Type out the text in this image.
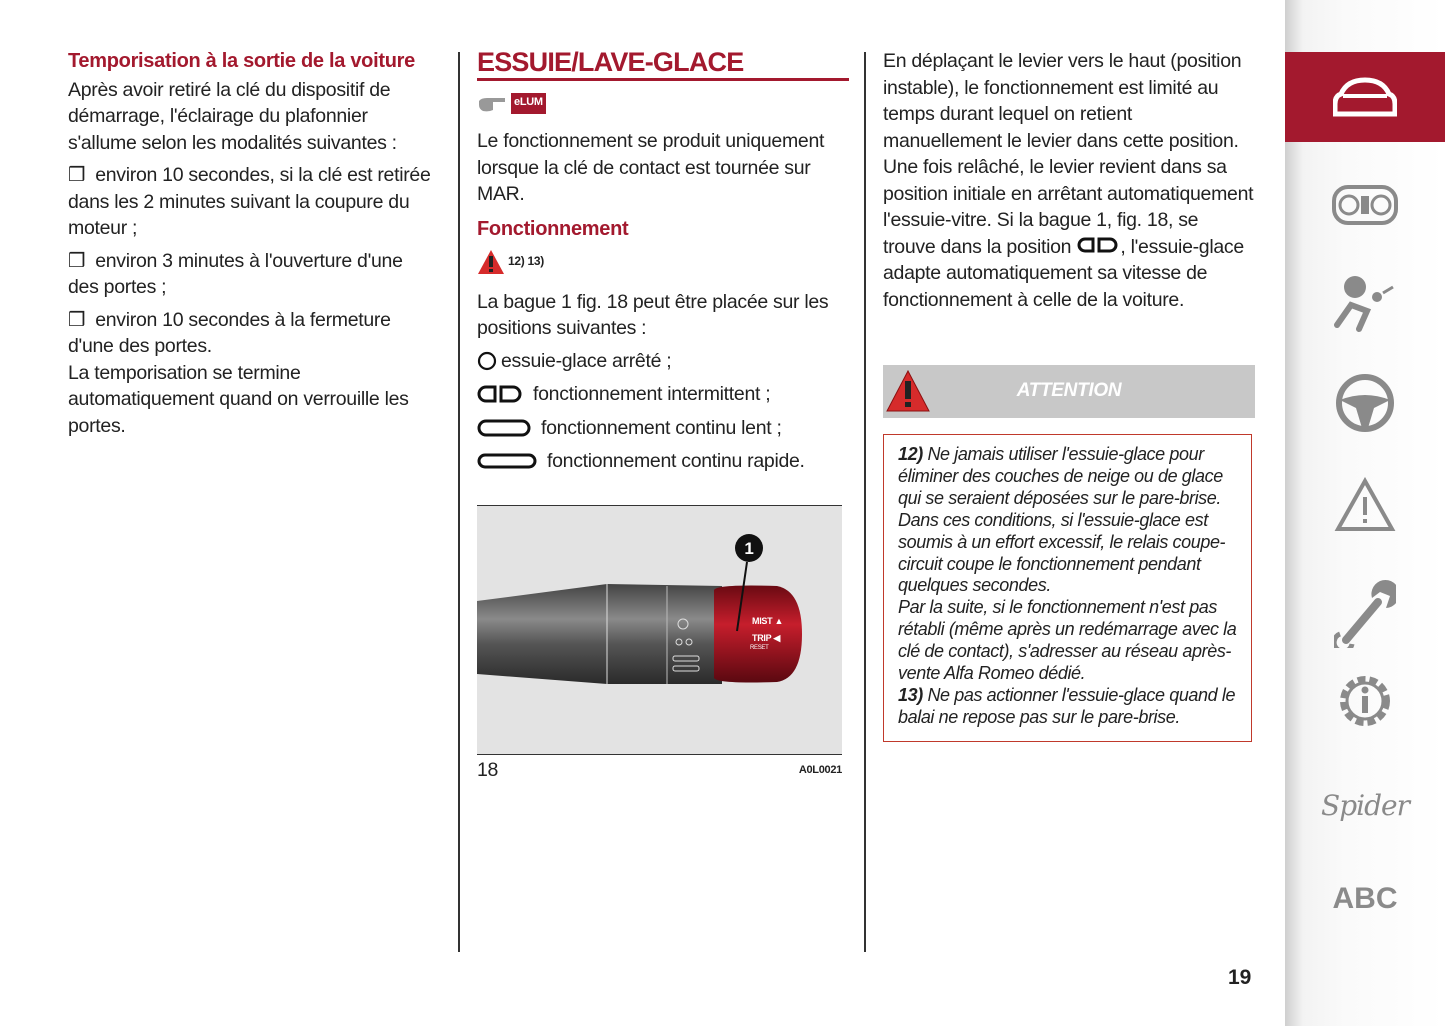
Temporisation à la sortie de la voiture

Après avoir retiré la clé du dispositif de démarrage, l'éclairage du plafonnier s'allume selon les modalités suivantes :

❒ environ 10 secondes, si la clé est retirée dans les 2 minutes suivant la coupure du moteur ;

❒ environ 3 minutes à l'ouverture d'une des portes ;

❒ environ 10 secondes à la fermeture d'une des portes.

La temporisation se termine automatiquement quand on verrouille les portes.

ESSUIE/LAVE-GLACE
eLUM

Le fonctionnement se produit uniquement lorsque la clé de contact est tournée sur MAR.

Fonctionnement
12) 13)

La bague 1 fig. 18 peut être placée sur les positions suivantes :

essuie-glace arrêté ;
fonctionnement intermittent ;
fonctionnement continu lent ;
fonctionnement continu rapide.
1
MIST ▲
TRIP ◀
RESET
18	A0L0021

En déplaçant le levier vers le haut (position instable), le fonctionnement est limité au temps durant lequel on retient manuellement le levier dans cette position. Une fois relâché, le levier revient dans sa position initiale en arrêtant automatiquement l'essuie-vitre. Si la bague 1, fig. 18, se trouve dans la position	, l'essuie-glace adapte automatiquement sa vitesse de fonctionnement à celle de la voiture.

ATTENTION
12) Ne jamais utiliser l'essuie-glace pour éliminer des couches de neige ou de glace qui se seraient déposées sur le pare-brise. Dans ces conditions, si l'essuie-glace est soumis à un effort excessif, le relais coupe-circuit coupe le fonctionnement pendant quelques secondes.
Par la suite, si le fonctionnement n'est pas rétabli (même après un redémarrage avec la clé de contact), s'adresser au réseau après-vente Alfa Romeo dédié.
13) Ne pas actionner l'essuie-glace quand le balai ne repose pas sur le pare-brise.
Spider
ABC
19
